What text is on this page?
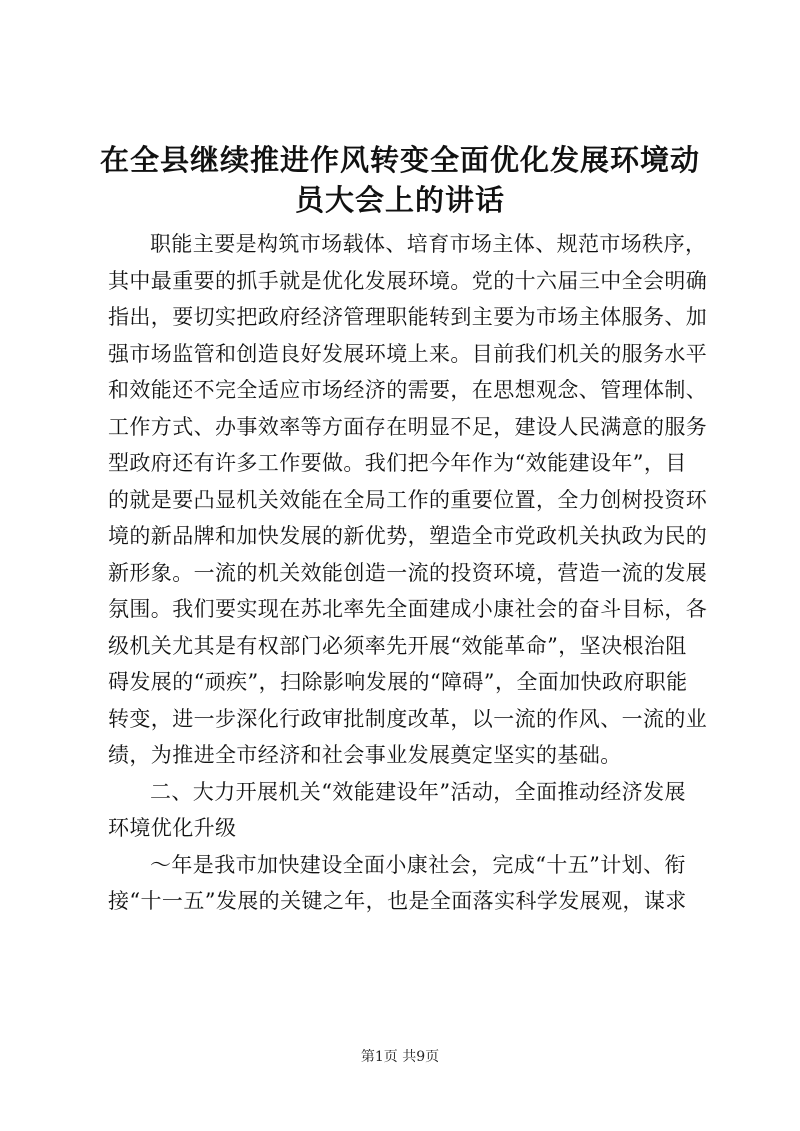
在全县继续推进作风转变全面优化发展环境动
员大会上的讲话
职能主要是构筑市场载体、培育市场主体、规范市场秩序，
其中最重要的抓手就是优化发展环境。党的十六届三中全会明确
指出，要切实把政府经济管理职能转到主要为市场主体服务、加
强市场监管和创造良好发展环境上来。目前我们机关的服务水平
和效能还不完全适应市场经济的需要，在思想观念、管理体制、
工作方式、办事效率等方面存在明显不足，建设人民满意的服务
型政府还有许多工作要做。我们把今年作为“效能建设年”，目
的就是要凸显机关效能在全局工作的重要位置，全力创树投资环
境的新品牌和加快发展的新优势，塑造全市党政机关执政为民的
新形象。一流的机关效能创造一流的投资环境，营造一流的发展
氛围。我们要实现在苏北率先全面建成小康社会的奋斗目标，各
级机关尤其是有权部门必须率先开展“效能革命”，坚决根治阻
碍发展的“顽疾”，扫除影响发展的“障碍”，全面加快政府职能
转变，进一步深化行政审批制度改革，以一流的作风、一流的业
绩，为推进全市经济和社会事业发展奠定坚实的基础。
二、大力开展机关“效能建设年”活动，全面推动经济发展
环境优化升级
～年是我市加快建设全面小康社会，完成“十五”计划、衔
接“十一五”发展的关键之年，也是全面落实科学发展观，谋求
第1页 共9页
